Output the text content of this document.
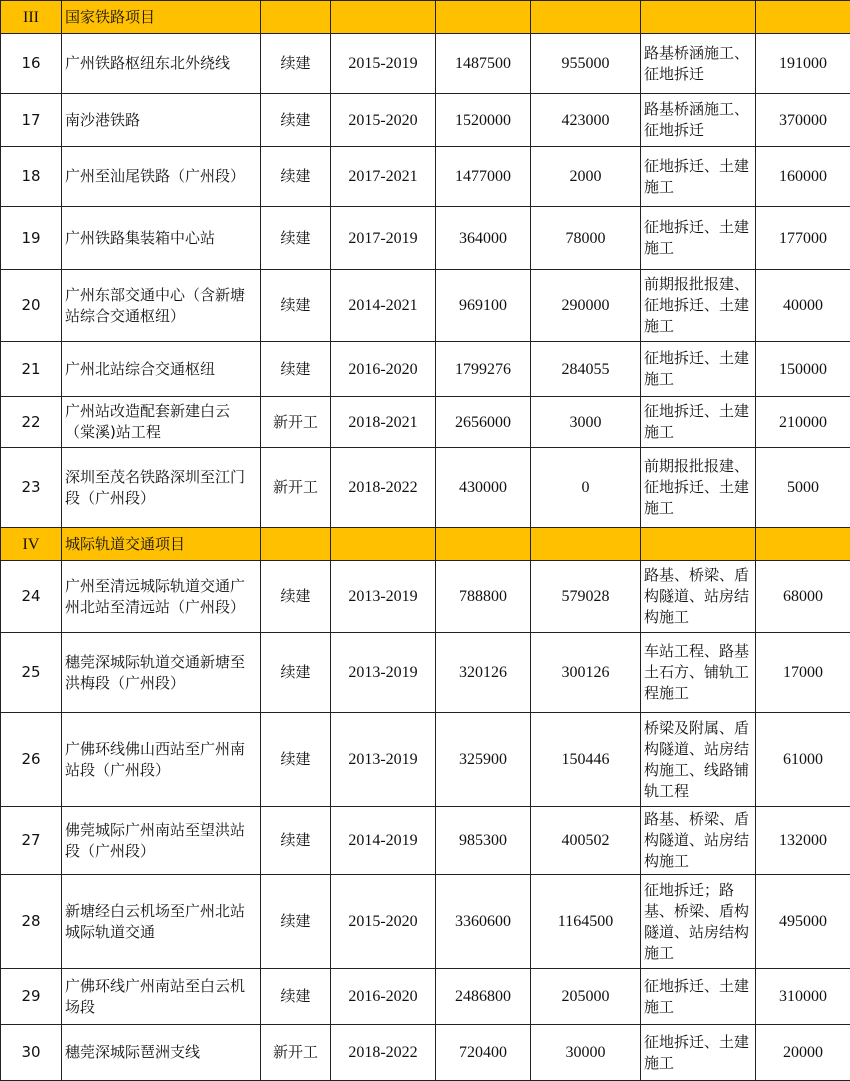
III	国家铁路项目						
16	广州铁路枢纽东北外绕线	续建	2015-2019	1487500	955000	路基桥涵施工、征地拆迁	191000
17	南沙港铁路	续建	2015-2020	1520000	423000	路基桥涵施工、征地拆迁	370000
18	广州至汕尾铁路（广州段）	续建	2017-2021	1477000	2000	征地拆迁、土建施工	160000
19	广州铁路集装箱中心站	续建	2017-2019	364000	78000	征地拆迁、土建施工	177000
20	广州东部交通中心（含新塘站综合交通枢纽）	续建	2014-2021	969100	290000	前期报批报建、征地拆迁、土建施工	40000
21	广州北站综合交通枢纽	续建	2016-2020	1799276	284055	征地拆迁、土建施工	150000
22	广州站改造配套新建白云（棠溪)站工程	新开工	2018-2021	2656000	3000	征地拆迁、土建施工	210000
23	深圳至茂名铁路深圳至江门段（广州段）	新开工	2018-2022	430000	0	前期报批报建、征地拆迁、土建施工	5000
IV	城际轨道交通项目						
24	广州至清远城际轨道交通广州北站至清远站（广州段）	续建	2013-2019	788800	579028	路基、桥梁、盾构隧道、站房结构施工	68000
25	穗莞深城际轨道交通新塘至洪梅段（广州段）	续建	2013-2019	320126	300126	车站工程、路基土石方、铺轨工程施工	17000
26	广佛环线佛山西站至广州南站段（广州段）	续建	2013-2019	325900	150446	桥梁及附属、盾构隧道、站房结构施工、线路铺轨工程	61000
27	佛莞城际广州南站至望洪站段（广州段）	续建	2014-2019	985300	400502	路基、桥梁、盾构隧道、站房结构施工	132000
28	新塘经白云机场至广州北站城际轨道交通	续建	2015-2020	3360600	1164500	征地拆迁；路基、桥梁、盾构隧道、站房结构施工	495000
29	广佛环线广州南站至白云机场段	续建	2016-2020	2486800	205000	征地拆迁、土建施工	310000
30	穗莞深城际琶洲支线	新开工	2018-2022	720400	30000	征地拆迁、土建施工	20000
